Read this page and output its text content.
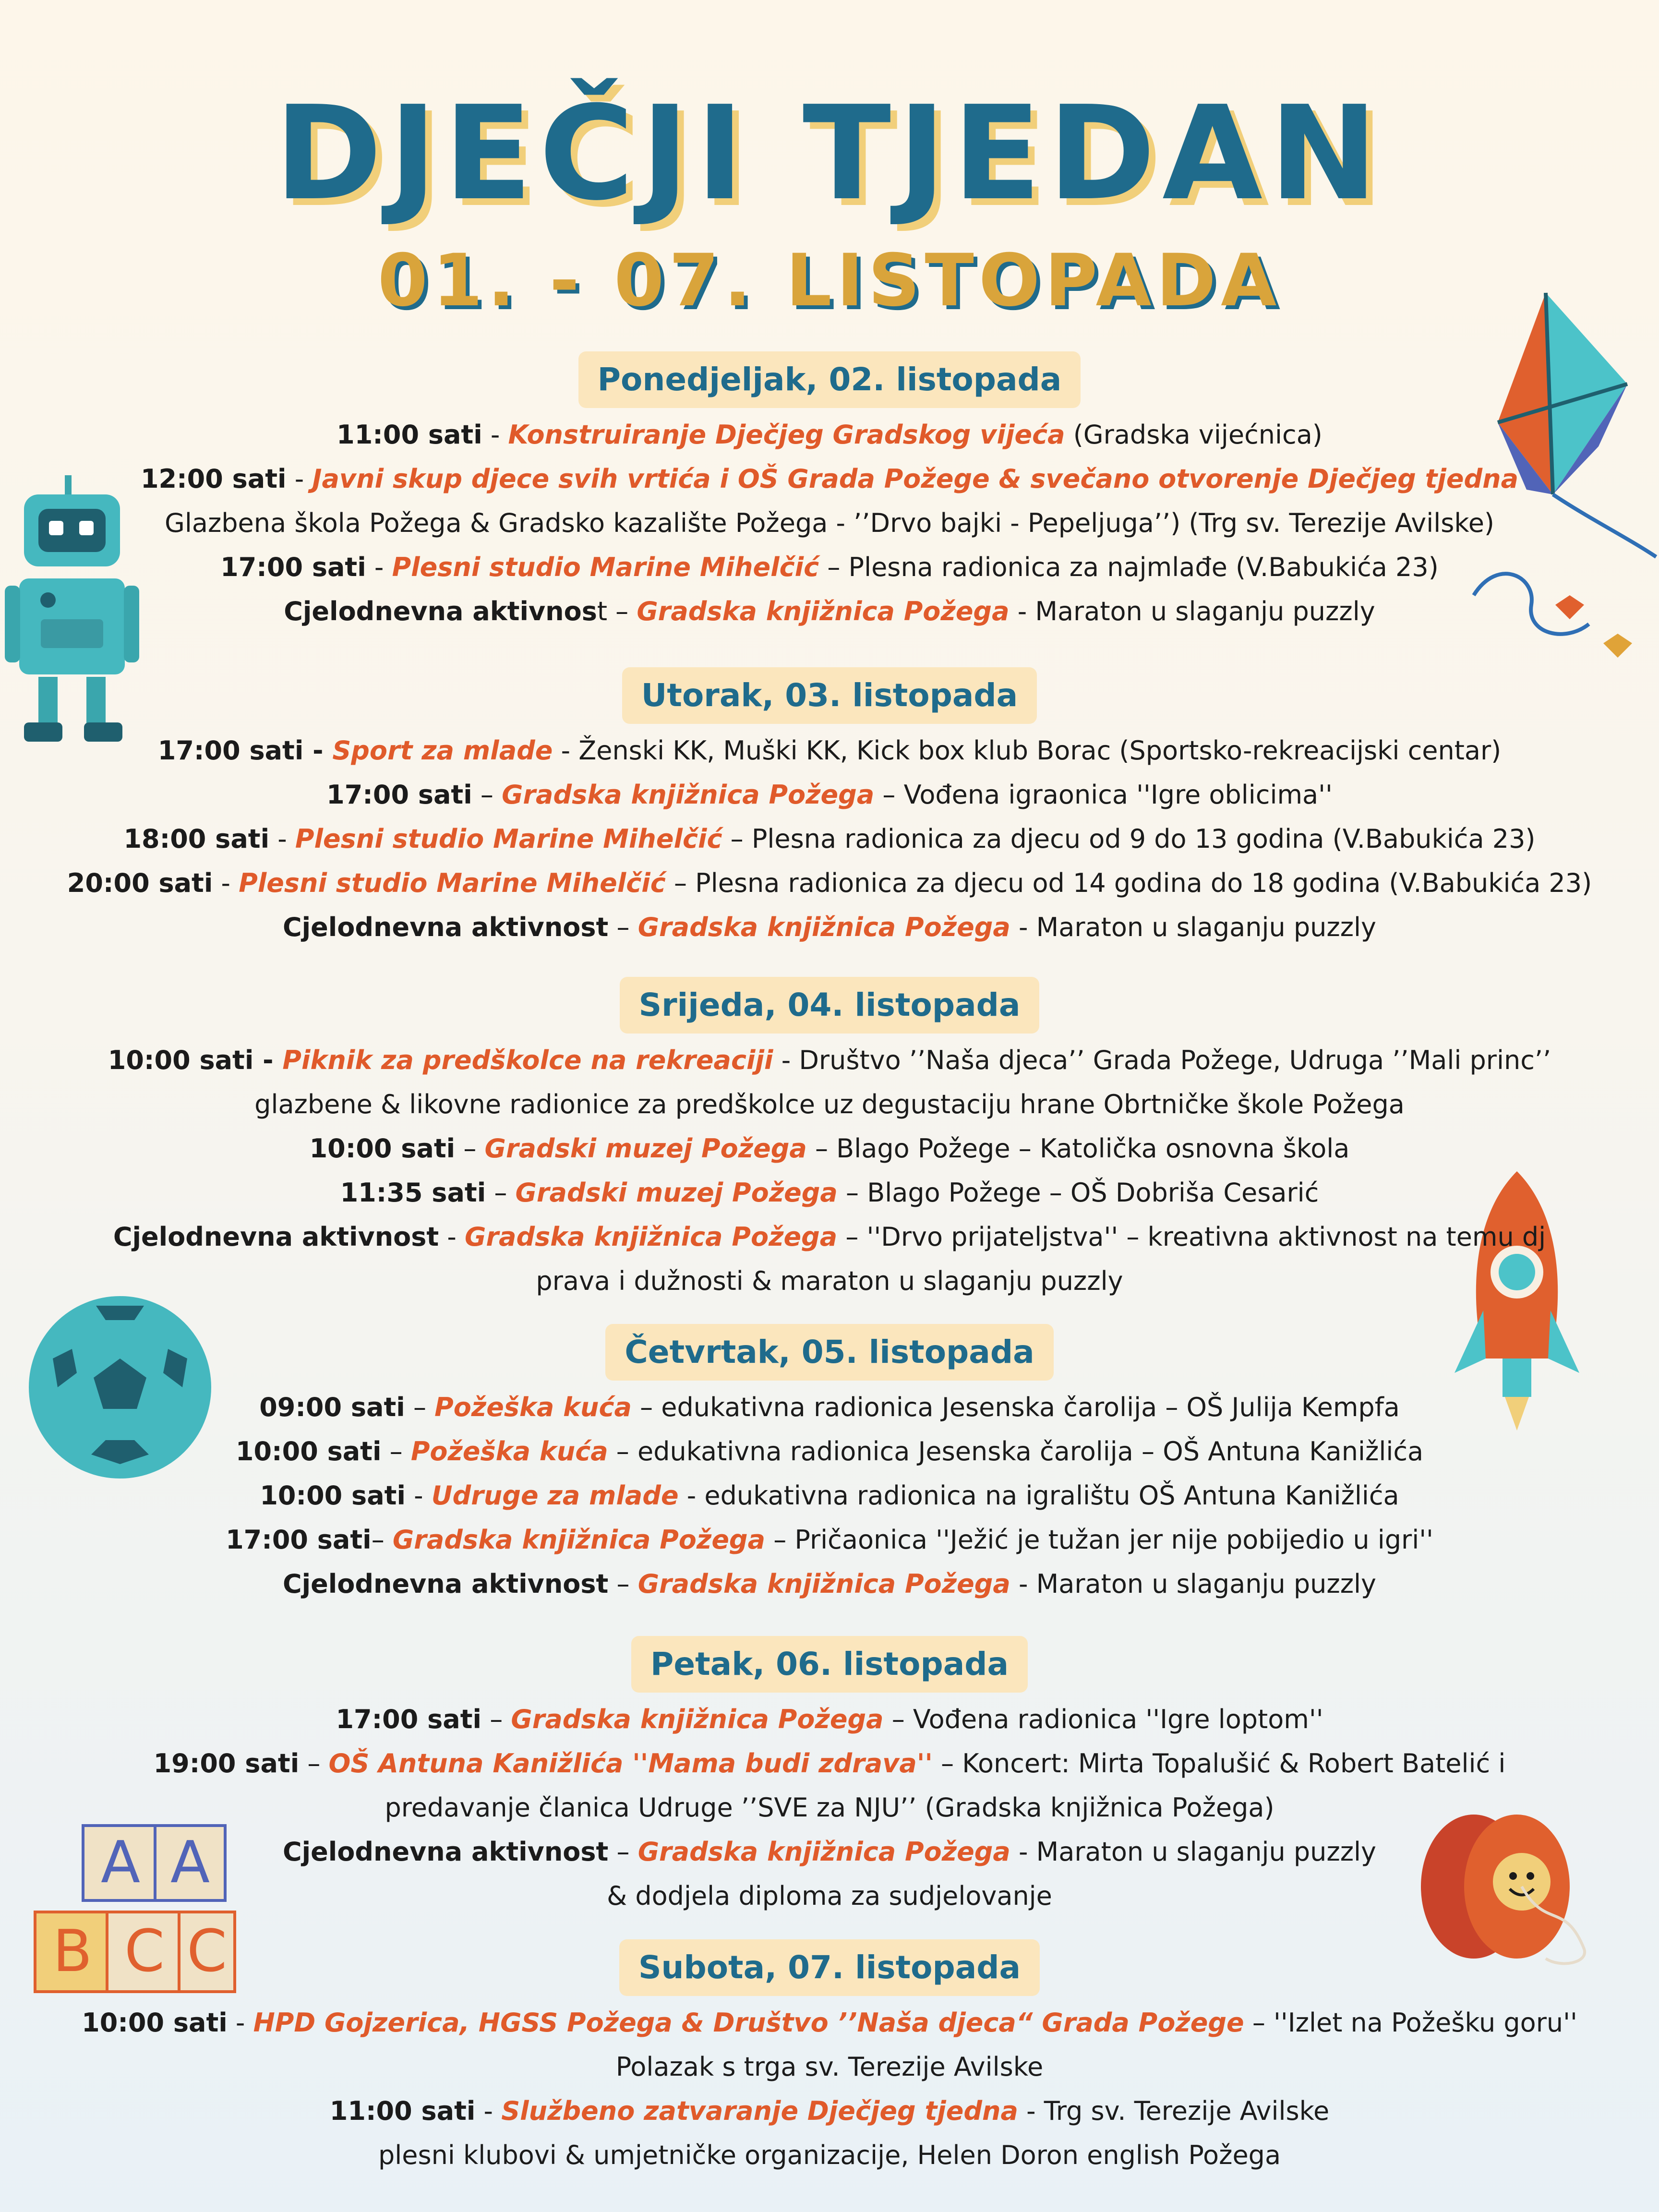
DJEČJI TJEDAN
01. - 07. LISTOPADA
A A
B C C
Ponedjeljak, 02. listopada
11:00 sati - Konstruiranje Dječjeg Gradskog vijeća (Gradska vijećnica)
12:00 sati - Javni skup djece svih vrtića i OŠ Grada Požege & svečano otvorenje Dječjeg tjedna
Glazbena škola Požega & Gradsko kazalište Požega - ’’Drvo bajki - Pepeljuga’’) (Trg sv. Terezije Avilske)
17:00 sati - Plesni studio Marine Mihelčić – Plesna radionica za najmlađe (V.Babukića 23)
Cjelodnevna aktivnost – Gradska knjižnica Požega - Maraton u slaganju puzzly
Utorak, 03. listopada
17:00 sati - Sport za mlade - Ženski KK, Muški KK, Kick box klub Borac (Sportsko-rekreacijski centar)
17:00 sati – Gradska knjižnica Požega – Vođena igraonica ''Igre oblicima''
18:00 sati - Plesni studio Marine Mihelčić – Plesna radionica za djecu od 9 do 13 godina (V.Babukića 23)
20:00 sati - Plesni studio Marine Mihelčić – Plesna radionica za djecu od 14 godina do 18 godina (V.Babukića 23)
Cjelodnevna aktivnost – Gradska knjižnica Požega - Maraton u slaganju puzzly
Srijeda, 04. listopada
10:00 sati - Piknik za predškolce na rekreaciji - Društvo ’’Naša djeca’’ Grada Požege, Udruga ’’Mali princ’’
glazbene & likovne radionice za predškolce uz degustaciju hrane Obrtničke škole Požega
10:00 sati – Gradski muzej Požega – Blago Požege – Katolička osnovna škola
11:35 sati – Gradski muzej Požega – Blago Požege – OŠ Dobriša Cesarić
Cjelodnevna aktivnost - Gradska knjižnica Požega – ''Drvo prijateljstva'' – kreativna aktivnost na temu dj
prava i dužnosti & maraton u slaganju puzzly
Četvrtak, 05. listopada
09:00 sati – Požeška kuća – edukativna radionica Jesenska čarolija – OŠ Julija Kempfa
10:00 sati – Požeška kuća – edukativna radionica Jesenska čarolija – OŠ Antuna Kanižlića
10:00 sati - Udruge za mlade - edukativna radionica na igralištu OŠ Antuna Kanižlića
17:00 sati– Gradska knjižnica Požega – Pričaonica ''Ježić je tužan jer nije pobijedio u igri''
Cjelodnevna aktivnost – Gradska knjižnica Požega - Maraton u slaganju puzzly
Petak, 06. listopada
17:00 sati – Gradska knjižnica Požega – Vođena radionica ''Igre loptom''
19:00 sati – OŠ Antuna Kanižlića ''Mama budi zdrava'' – Koncert: Mirta Topalušić & Robert Batelić i
predavanje članica Udruge ’’SVE za NJU’’ (Gradska knjižnica Požega)
Cjelodnevna aktivnost – Gradska knjižnica Požega - Maraton u slaganju puzzly
& dodjela diploma za sudjelovanje
Subota, 07. listopada
10:00 sati - HPD Gojzerica, HGSS Požega & Društvo ’’Naša djeca“ Grada Požege – ''Izlet na Požešku goru''
Polazak s trga sv. Terezije Avilske
11:00 sati - Službeno zatvaranje Dječjeg tjedna - Trg sv. Terezije Avilske
plesni klubovi & umjetničke organizacije, Helen Doron english Požega
